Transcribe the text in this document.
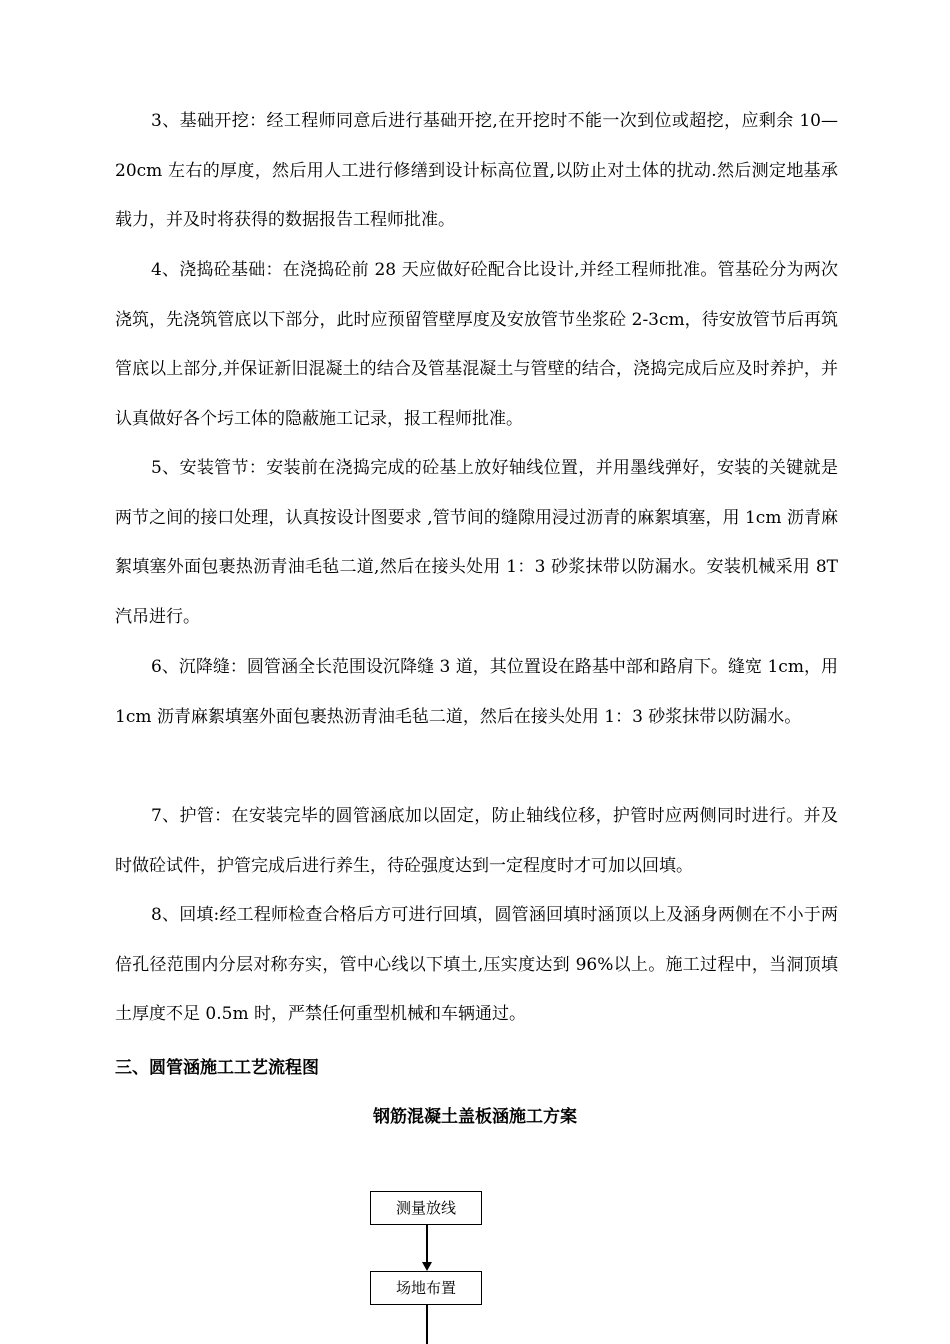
3、基础开挖：经工程师同意后进行基础开挖,在开挖时不能一次到位或超挖，应剩余 10—20cm 左右的厚度，然后用人工进行修缮到设计标高位置,以防止对土体的扰动.然后测定地基承载力，并及时将获得的数据报告工程师批准。

4、浇捣砼基础：在浇捣砼前 28 天应做好砼配合比设计,并经工程师批准。管基砼分为两次浇筑，先浇筑管底以下部分，此时应预留管壁厚度及安放管节坐浆砼 2-3cm，待安放管节后再筑管底以上部分,并保证新旧混凝土的结合及管基混凝土与管壁的结合，浇捣完成后应及时养护，并认真做好各个圬工体的隐蔽施工记录，报工程师批准。

5、安装管节：安装前在浇捣完成的砼基上放好轴线位置，并用墨线弹好，安装的关键就是两节之间的接口处理，认真按设计图要求 ,管节间的缝隙用浸过沥青的麻絮填塞，用 1cm 沥青麻絮填塞外面包裹热沥青油毛毡二道,然后在接头处用 1：3 砂浆抹带以防漏水。安装机械采用 8T 汽吊进行。

6、沉降缝：圆管涵全长范围设沉降缝 3 道，其位置设在路基中部和路肩下。缝宽 1cm，用 1cm 沥青麻絮填塞外面包裹热沥青油毛毡二道，然后在接头处用 1：3 砂浆抹带以防漏水。

7、护管：在安装完毕的圆管涵底加以固定，防止轴线位移，护管时应两侧同时进行。并及时做砼试件，护管完成后进行养生，待砼强度达到一定程度时才可加以回填。

8、回填:经工程师检查合格后方可进行回填，圆管涵回填时涵顶以上及涵身两侧在不小于两倍孔径范围内分层对称夯实，管中心线以下填土,压实度达到 96%以上。施工过程中，当洞顶填土厚度不足 0.5m 时，严禁任何重型机械和车辆通过。

三、圆管涵施工工艺流程图

钢筋混凝土盖板涵施工方案

测量放线
场地布置
